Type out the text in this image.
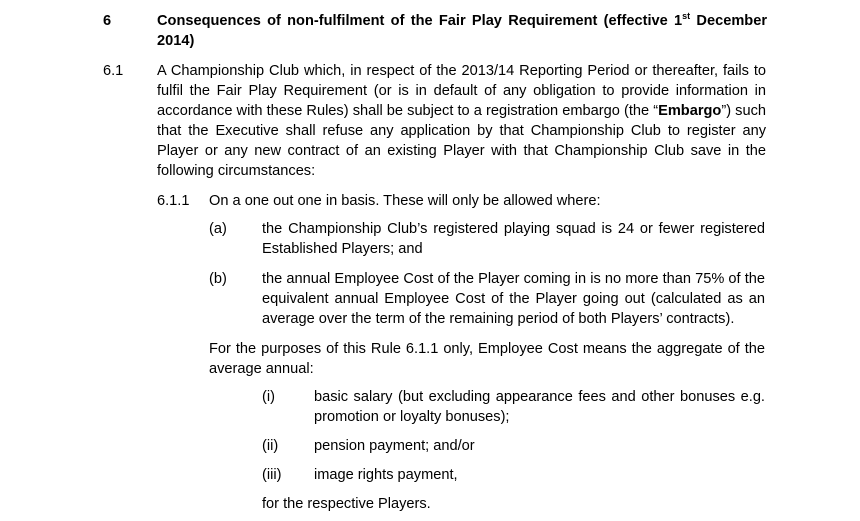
6	Consequences of non-fulfilment of the Fair Play Requirement (effective 1st December 2014)
6.1 A Championship Club which, in respect of the 2013/14 Reporting Period or thereafter, fails to fulfil the Fair Play Requirement (or is in default of any obligation to provide information in accordance with these Rules) shall be subject to a registration embargo (the “Embargo”) such that the Executive shall refuse any application by that Championship Club to register any Player or any new contract of an existing Player with that Championship Club save in the following circumstances:
6.1.1 On a one out one in basis. These will only be allowed where:
(a) the Championship Club’s registered playing squad is 24 or fewer registered Established Players; and
(b) the annual Employee Cost of the Player coming in is no more than 75% of the equivalent annual Employee Cost of the Player going out (calculated as an average over the term of the remaining period of both Players’ contracts).
For the purposes of this Rule 6.1.1 only, Employee Cost means the aggregate of the average annual:
(i)	basic salary (but excluding appearance fees and other bonuses e.g. promotion or loyalty bonuses);
(ii) pension payment; and/or
(iii) image rights payment,
for the respective Players.
